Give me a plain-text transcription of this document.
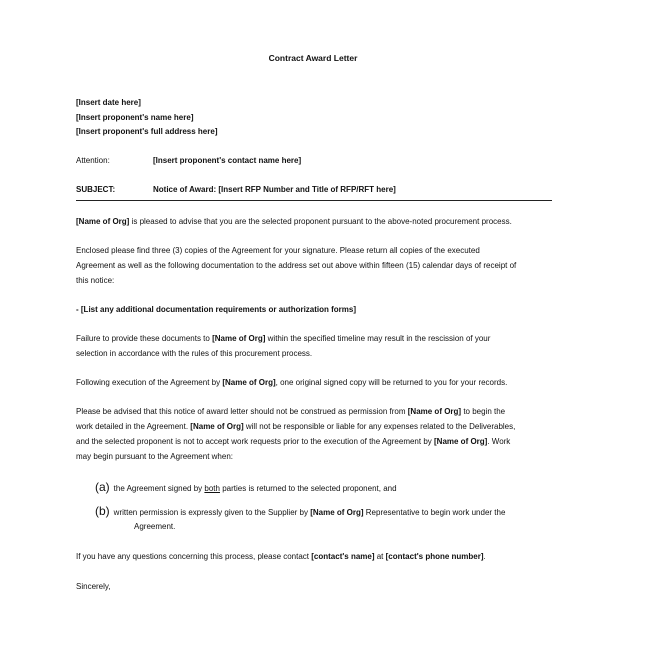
Contract Award Letter
[Insert date here]
[Insert proponent's name here]
[Insert proponent's full address here]
Attention:	[Insert proponent's contact name here]
SUBJECT:	Notice of Award: [Insert RFP Number and Title of RFP/RFT here]
[Name of Org] is pleased to advise that you are the selected proponent pursuant to the above-noted procurement process.
Enclosed please find three (3) copies of the Agreement for your signature. Please return all copies of the executed
Agreement as well as the following documentation to the address set out above within fifteen (15) calendar days of receipt of
this notice:
- [List any additional documentation requirements or authorization forms]
Failure to provide these documents to [Name of Org] within the specified timeline may result in the rescission of your
selection in accordance with the rules of this procurement process.
Following execution of the Agreement by [Name of Org], one original signed copy will be returned to you for your records.
Please be advised that this notice of award letter should not be construed as permission from [Name of Org] to begin the
work detailed in the Agreement. [Name of Org] will not be responsible or liable for any expenses related to the Deliverables,
and the selected proponent is not to accept work requests prior to the execution of the Agreement by [Name of Org]. Work
may begin pursuant to the Agreement when:
(a) the Agreement signed by both parties is returned to the selected proponent, and
(b) written permission is expressly given to the Supplier by [Name of Org] Representative to begin work under the
Agreement.
If you have any questions concerning this process, please contact [contact's name] at [contact's phone number].
Sincerely,
